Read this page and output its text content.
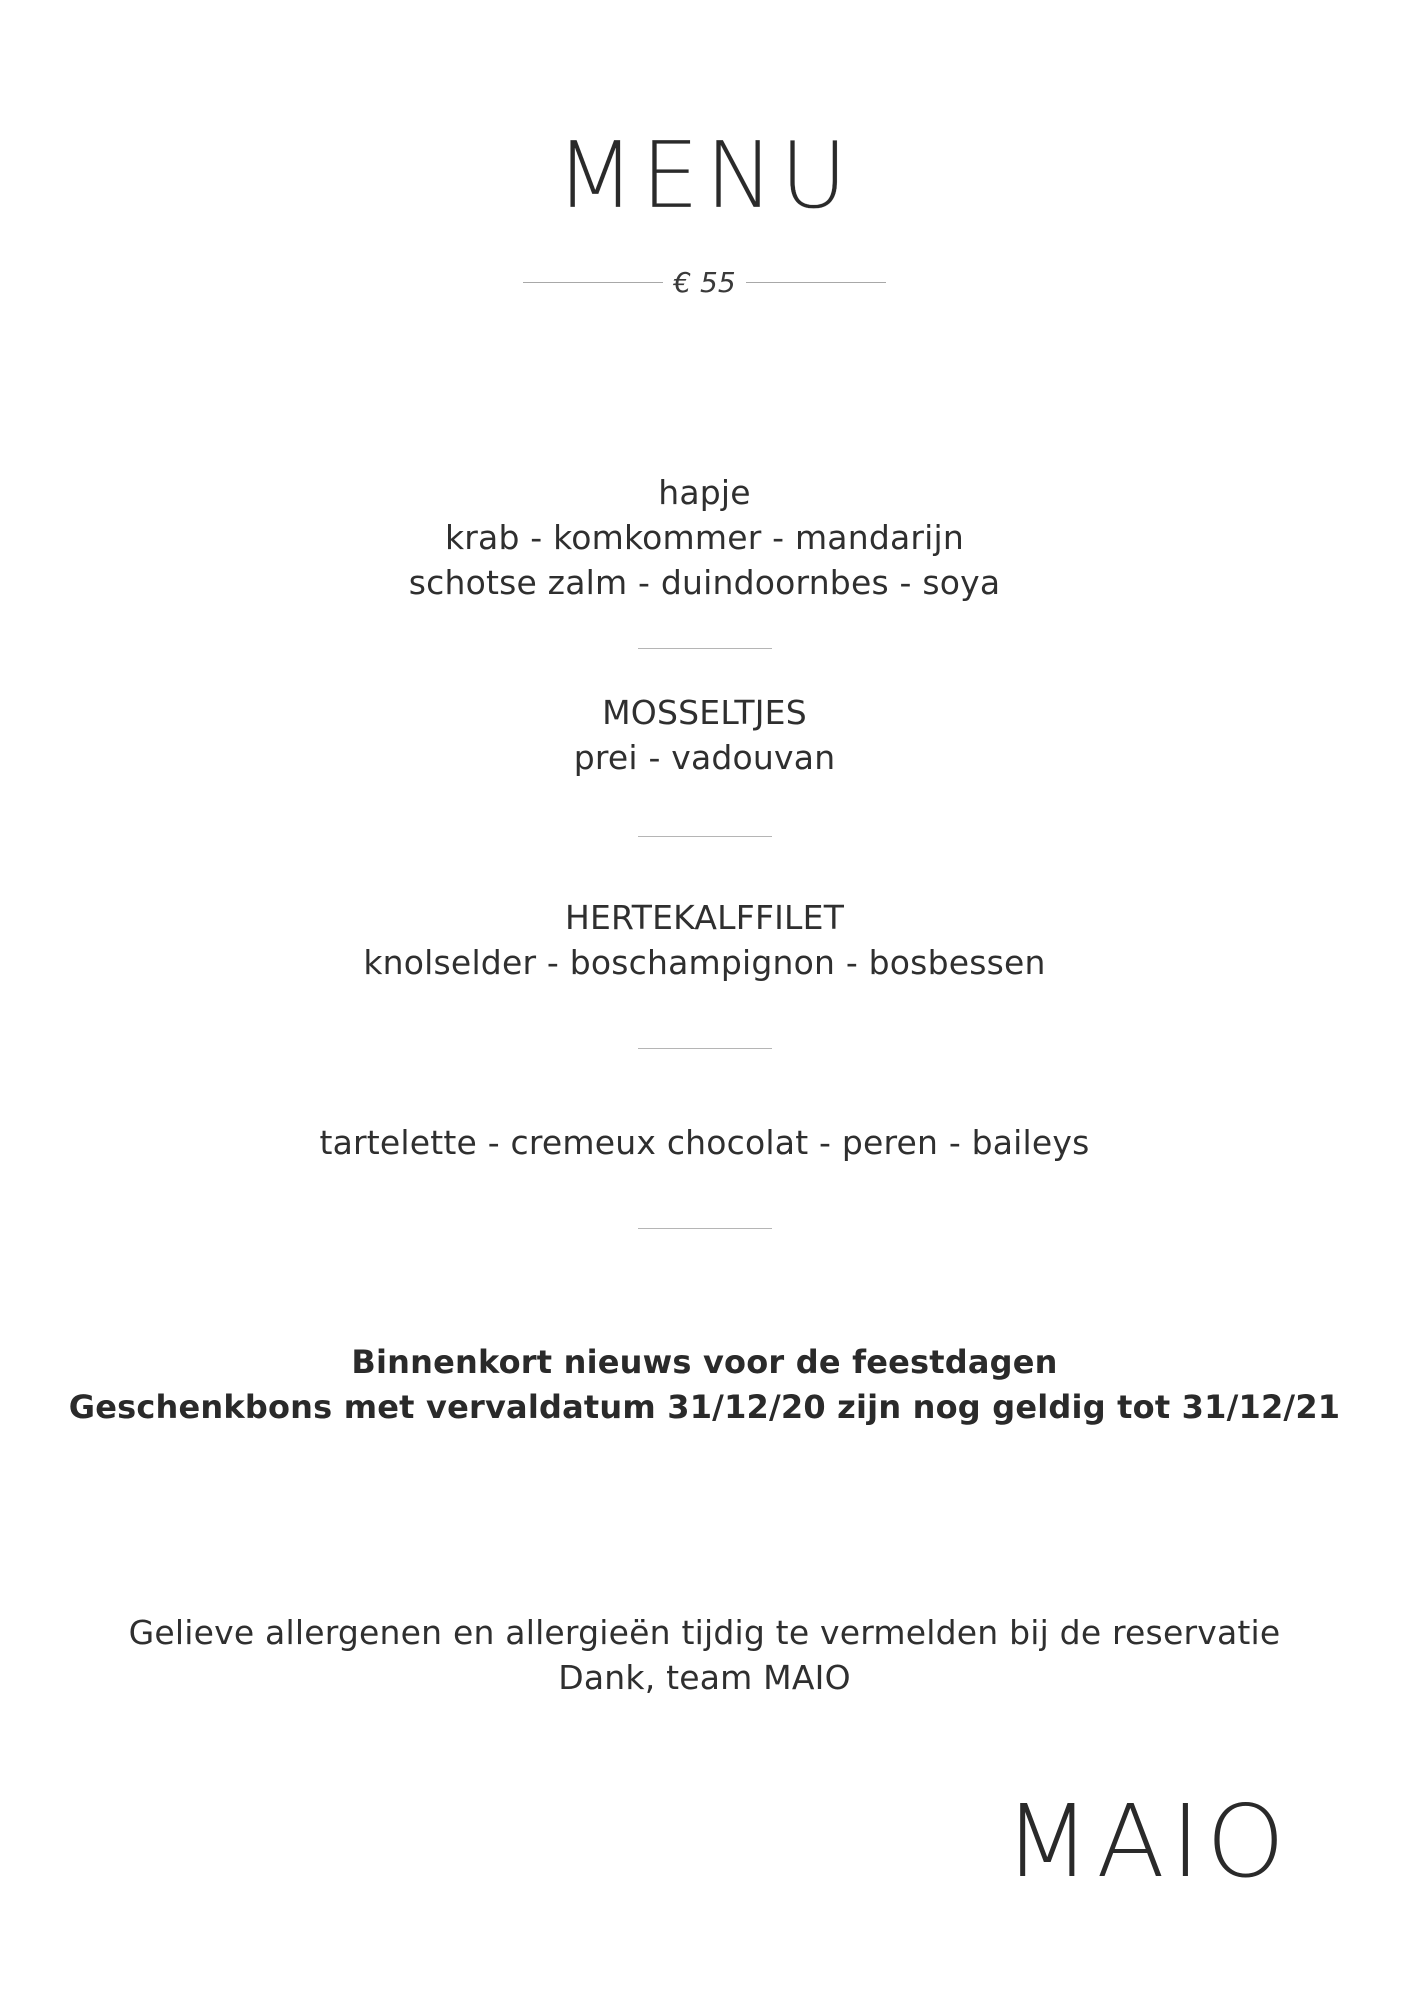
MENU
€ 55
hapje
krab - komkommer - mandarijn
schotse zalm - duindoornbes - soya
MOSSELTJES
prei - vadouvan
HERTEKALFFILET
knolselder - boschampignon - bosbessen
tartelette - cremeux chocolat - peren - baileys
Binnenkort nieuws voor de feestdagen
Geschenkbons met vervaldatum 31/12/20 zijn nog geldig tot 31/12/21
Gelieve allergenen en allergieën tijdig te vermelden bij de reservatie
Dank, team MAIO
MAIO
